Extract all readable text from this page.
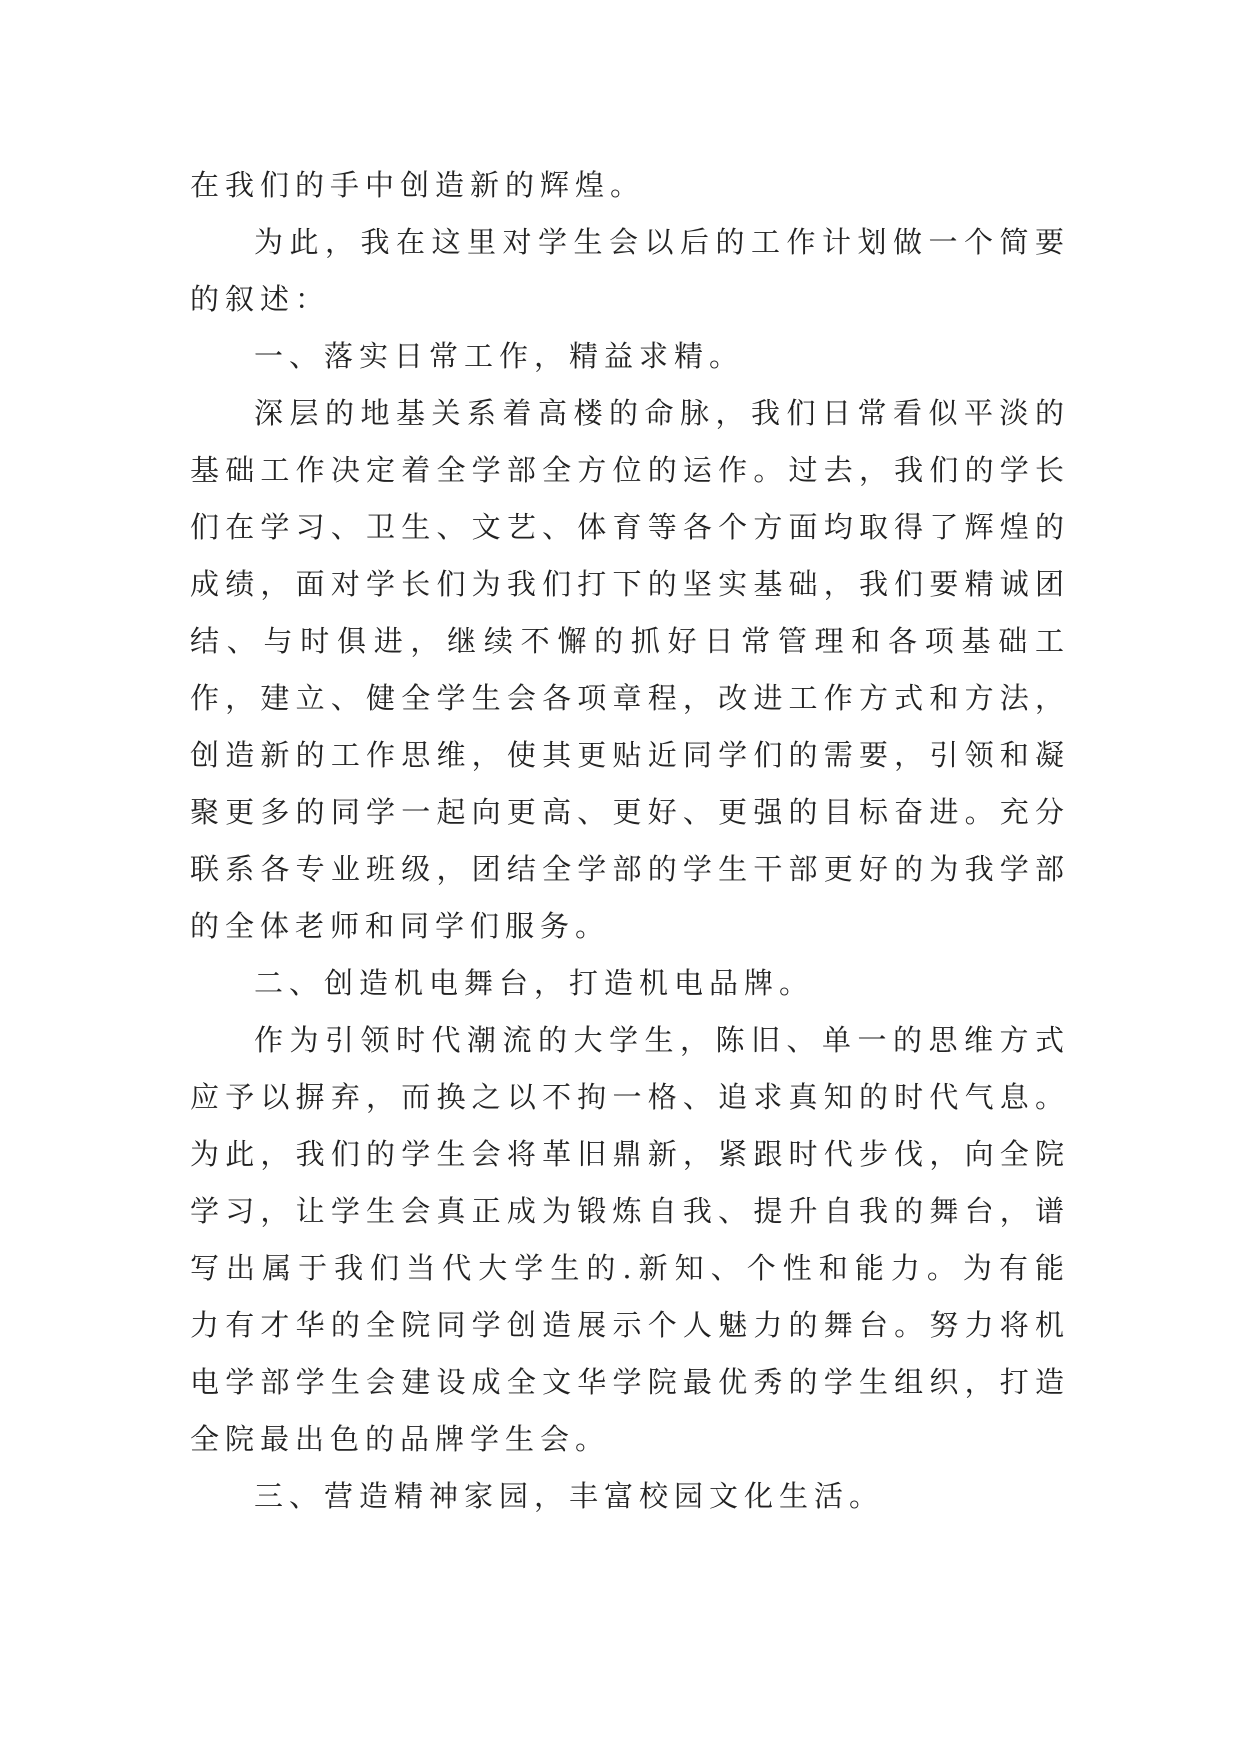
在我们的手中创造新的辉煌。

为此，我在这里对学生会以后的工作计划做一个简要的叙述：

一、落实日常工作，精益求精。

深层的地基关系着高楼的命脉，我们日常看似平淡的基础工作决定着全学部全方位的运作。过去，我们的学长们在学习、卫生、文艺、体育等各个方面均取得了辉煌的成绩，面对学长们为我们打下的坚实基础，我们要精诚团结、与时俱进，继续不懈的抓好日常管理和各项基础工作，建立、健全学生会各项章程，改进工作方式和方法，创造新的工作思维，使其更贴近同学们的需要，引领和凝聚更多的同学一起向更高、更好、更强的目标奋进。充分联系各专业班级，团结全学部的学生干部更好的为我学部的全体老师和同学们服务。

二、创造机电舞台，打造机电品牌。

作为引领时代潮流的大学生，陈旧、单一的思维方式应予以摒弃，而换之以不拘一格、追求真知的时代气息。为此，我们的学生会将革旧鼎新，紧跟时代步伐，向全院学习，让学生会真正成为锻炼自我、提升自我的舞台，谱写出属于我们当代大学生的.新知、个性和能力。为有能力有才华的全院同学创造展示个人魅力的舞台。努力将机电学部学生会建设成全文华学院最优秀的学生组织，打造全院最出色的品牌学生会。

三、营造精神家园，丰富校园文化生活。
